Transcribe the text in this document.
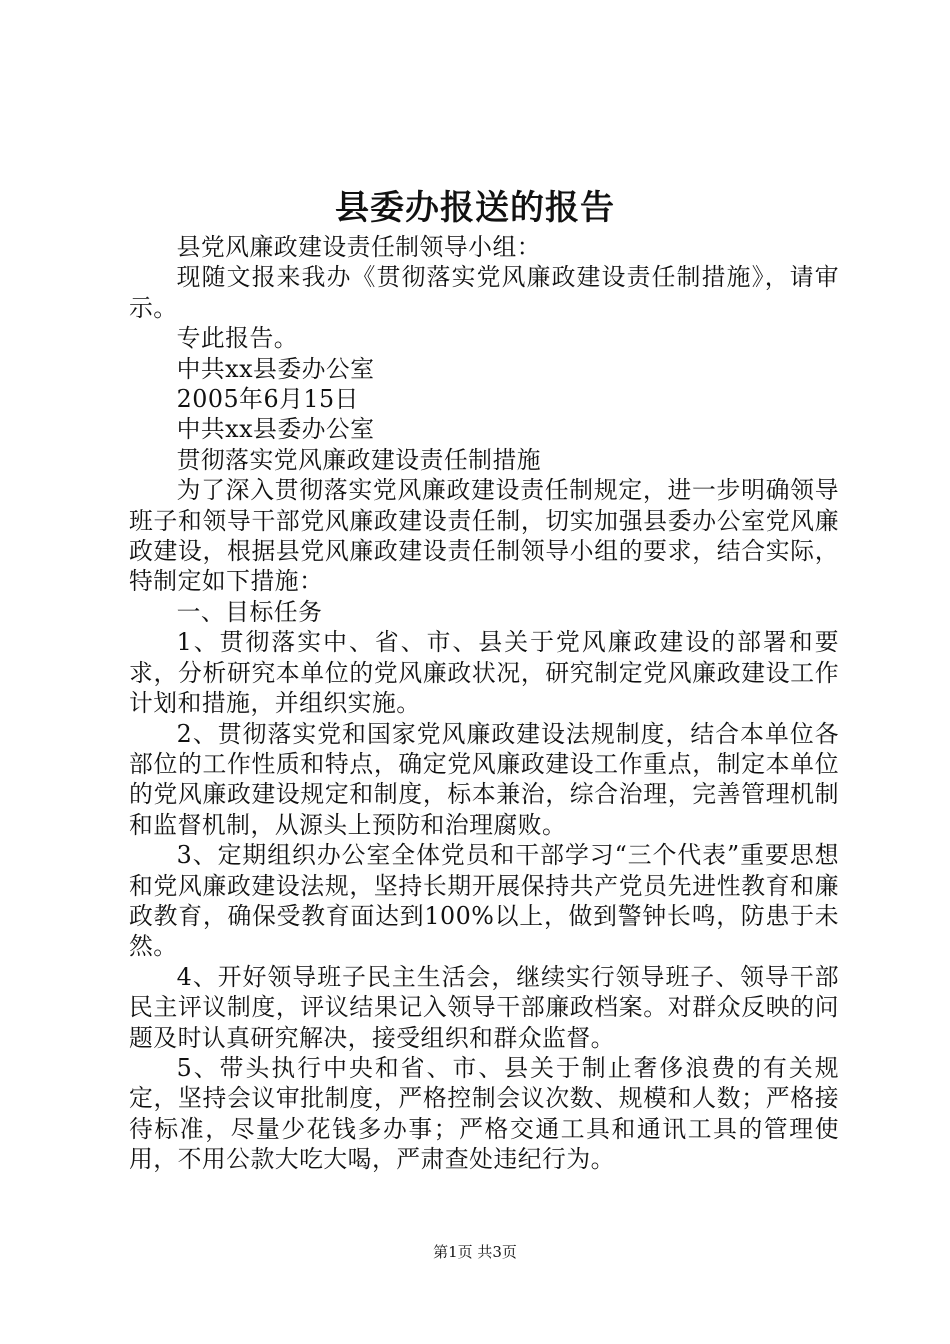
县委办报送的报告

县党风廉政建设责任制领导小组：

现随文报来我办《贯彻落实党风廉政建设责任制措施》，请审示。

专此报告。

中共xx县委办公室

2005年6月15日

中共xx县委办公室

贯彻落实党风廉政建设责任制措施

为了深入贯彻落实党风廉政建设责任制规定，进一步明确领导班子和领导干部党风廉政建设责任制，切实加强县委办公室党风廉政建设，根据县党风廉政建设责任制领导小组的要求，结合实际，特制定如下措施：

一、目标任务

1、贯彻落实中、省、市、县关于党风廉政建设的部署和要求，分析研究本单位的党风廉政状况，研究制定党风廉政建设工作计划和措施，并组织实施。

2、贯彻落实党和国家党风廉政建设法规制度，结合本单位各部位的工作性质和特点，确定党风廉政建设工作重点，制定本单位的党风廉政建设规定和制度，标本兼治，综合治理，完善管理机制和监督机制，从源头上预防和治理腐败。

3、定期组织办公室全体党员和干部学习“三个代表”重要思想和党风廉政建设法规，坚持长期开展保持共产党员先进性教育和廉政教育，确保受教育面达到100%以上，做到警钟长鸣，防患于未然。

4、开好领导班子民主生活会，继续实行领导班子、领导干部民主评议制度，评议结果记入领导干部廉政档案。对群众反映的问题及时认真研究解决，接受组织和群众监督。

5、带头执行中央和省、市、县关于制止奢侈浪费的有关规定，坚持会议审批制度，严格控制会议次数、规模和人数；严格接待标准，尽量少花钱多办事；严格交通工具和通讯工具的管理使用，不用公款大吃大喝，严肃查处违纪行为。

第1页 共3页
